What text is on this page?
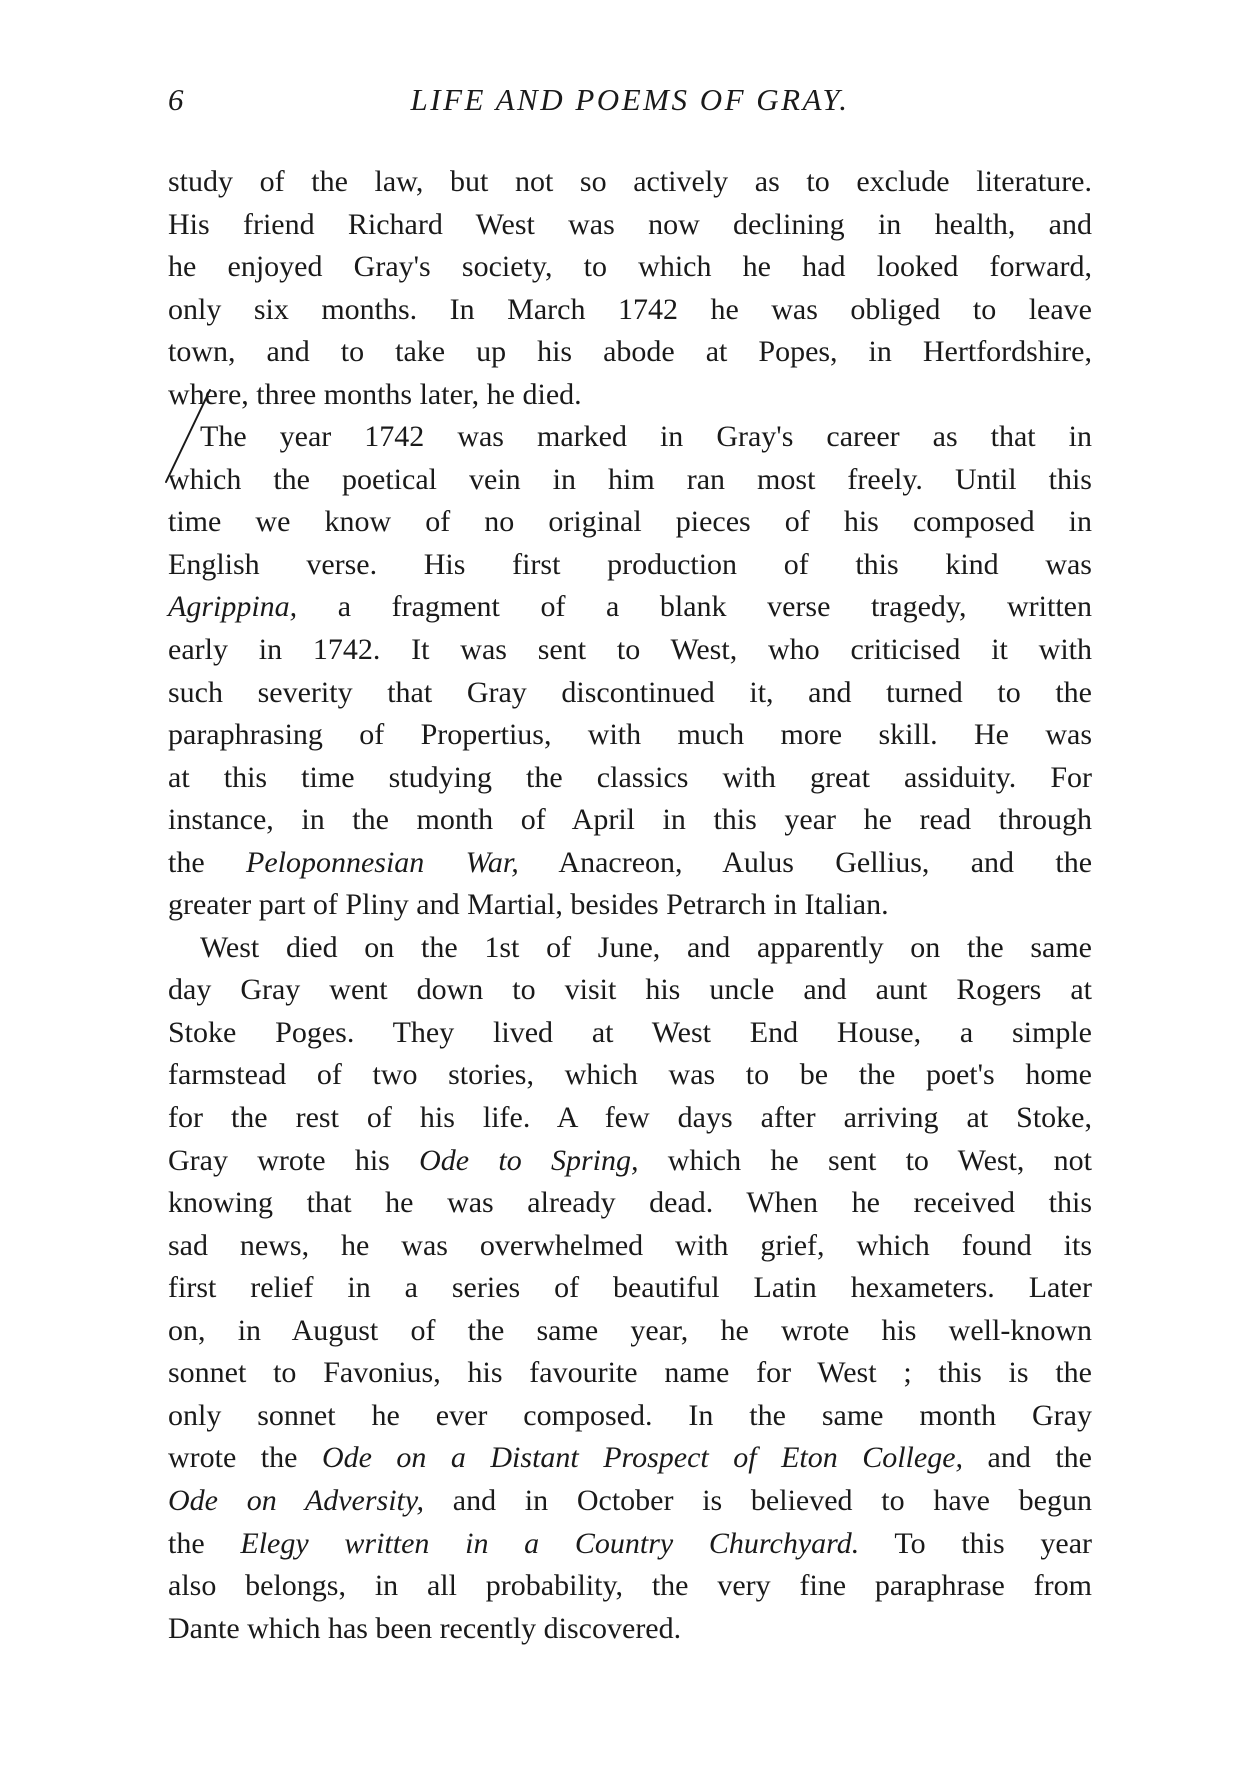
6	LIFE AND POEMS OF GRAY.
study of the law, but not so actively as to exclude literature.
His friend Richard West was now declining in health, and
he enjoyed Gray's society, to which he had looked forward,
only six months. In March 1742 he was obliged to leave
town, and to take up his abode at Popes, in Hertfordshire,
where, three months later, he died.
The year 1742 was marked in Gray's career as that in
which the poetical vein in him ran most freely. Until this
time we know of no original pieces of his composed in
English verse. His first production of this kind was
Agrippina, a fragment of a blank verse tragedy, written
early in 1742. It was sent to West, who criticised it with
such severity that Gray discontinued it, and turned to the
paraphrasing of Propertius, with much more skill. He was
at this time studying the classics with great assiduity. For
instance, in the month of April in this year he read through
the Peloponnesian War, Anacreon, Aulus Gellius, and the
greater part of Pliny and Martial, besides Petrarch in Italian.
West died on the 1st of June, and apparently on the same
day Gray went down to visit his uncle and aunt Rogers at
Stoke Poges. They lived at West End House, a simple
farmstead of two stories, which was to be the poet's home
for the rest of his life. A few days after arriving at Stoke,
Gray wrote his Ode to Spring, which he sent to West, not
knowing that he was already dead. When he received this
sad news, he was overwhelmed with grief, which found its
first relief in a series of beautiful Latin hexameters. Later
on, in August of the same year, he wrote his well-known
sonnet to Favonius, his favourite name for West ; this is the
only sonnet he ever composed. In the same month Gray
wrote the Ode on a Distant Prospect of Eton College, and the
Ode on Adversity, and in October is believed to have begun
the Elegy written in a Country Churchyard. To this year
also belongs, in all probability, the very fine paraphrase from
Dante which has been recently discovered.
